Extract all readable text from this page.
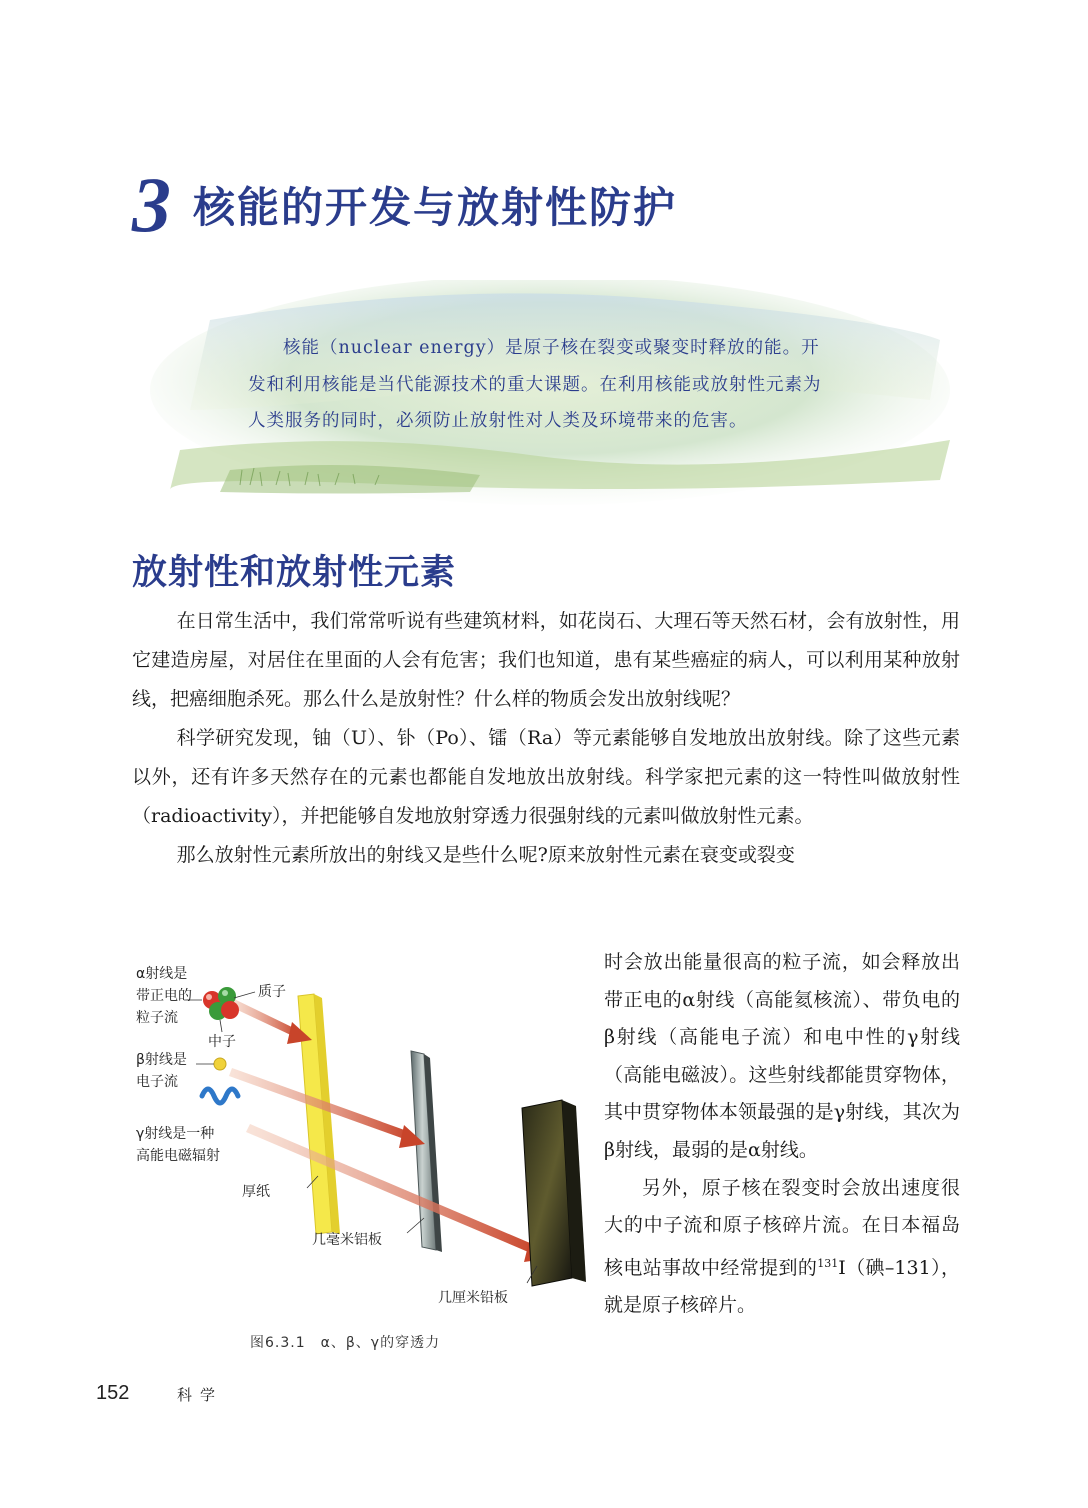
3 核能的开发与放射性防护

核能（nuclear energy）是原子核在裂变或聚变时释放的能。开发和利用核能是当代能源技术的重大课题。在利用核能或放射性元素为人类服务的同时，必须防止放射性对人类及环境带来的危害。

放射性和放射性元素

在日常生活中，我们常常听说有些建筑材料，如花岗石、大理石等天然石材，会有放射性，用它建造房屋，对居住在里面的人会有危害；我们也知道，患有某些癌症的病人，可以利用某种放射线，把癌细胞杀死。那么什么是放射性？什么样的物质会发出放射线呢？

科学研究发现，铀（U）、钋（Po）、镭（Ra）等元素能够自发地放出放射线。除了这些元素以外，还有许多天然存在的元素也都能自发地放出放射线。科学家把元素的这一特性叫做放射性（radioactivity），并把能够自发地放射穿透力很强射线的元素叫做放射性元素。

那么放射性元素所放出的射线又是些什么呢?原来放射性元素在衰变或裂变

α射线是
带正电的
粒子流
质子
中子
β射线是
电子流
γ射线是一种
高能电磁辐射
厚纸
几毫米铝板
几厘米铅板
图6.3.1　α、β、γ的穿透力

时会放出能量很高的粒子流，如会释放出带正电的α射线（高能氦核流）、带负电的β射线（高能电子流）和电中性的γ射线（高能电磁波）。这些射线都能贯穿物体，其中贯穿物体本领最强的是γ射线，其次为β射线，最弱的是α射线。

另外，原子核在裂变时会放出速度很大的中子流和原子核碎片流。在日本福岛核电站事故中经常提到的$^{131}$I（碘–131），就是原子核碎片。

152	科学
